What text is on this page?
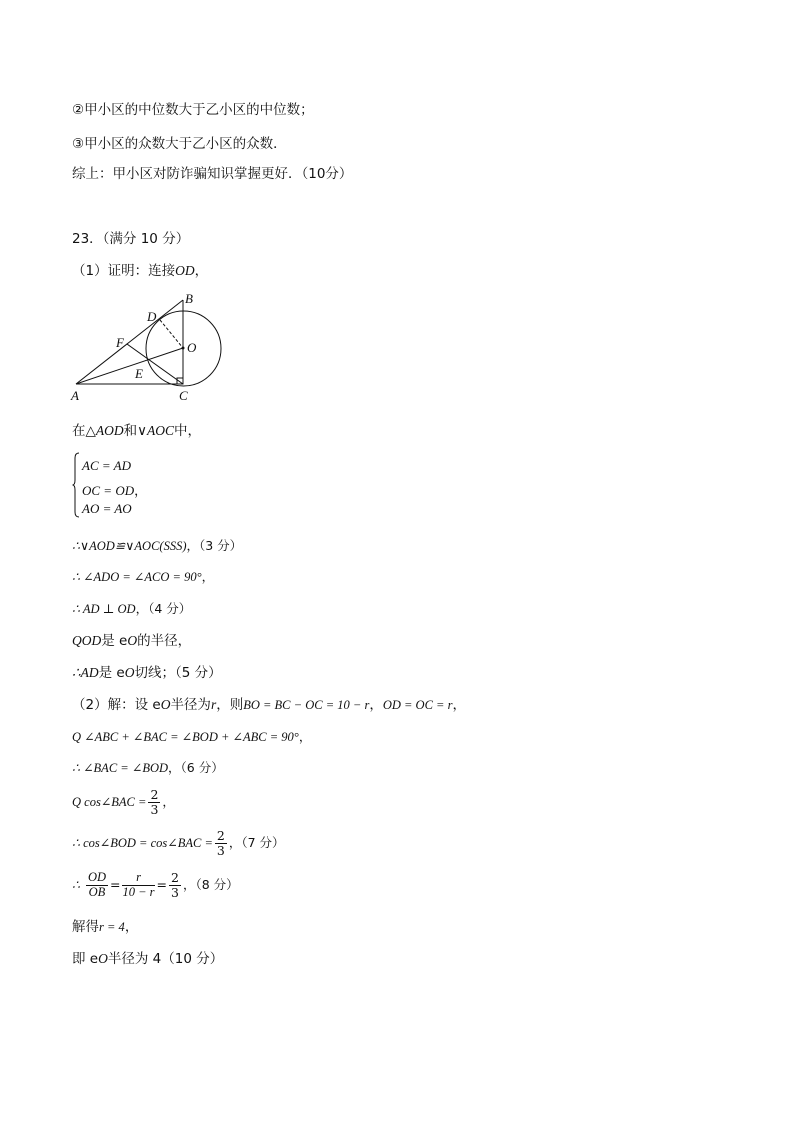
②甲小区的中位数大于乙小区的中位数；
③甲小区的众数大于乙小区的众数．
综上：甲小区对防诈骗知识掌握更好．（10分）
23．（满分 10 分）
（1）证明：连接OD，
B
D
O
F
E
A	C
在△AOD和∨AOC中，
AC = AD
OC = OD，
AO = AO
∴∨AOD≌∨AOC(SSS)，（3 分）
∴ ∠ADO = ∠ACO = 90°，
∴ AD ⊥ OD，（4 分）
QOD是 eO的半径，
∴AD是 eO切线；（5 分）
（2）解：设 eO半径为r，则BO = BC − OC = 10 − r，OD = OC = r，
Q ∠ABC + ∠BAC = ∠BOD + ∠ABC = 90°，
∴ ∠BAC = ∠BOD，（6 分）
Q cos∠BAC = $\frac{2}{3}$ ，
∴ cos∠BOD = cos∠BAC = $\frac{2}{3}$ ，（7 分）
∴ $\frac{OD}{OB} = \frac{r}{10 - r} = \frac{2}{3}$ ，（8 分）
解得r = 4，
即 eO半径为 4（10 分）
